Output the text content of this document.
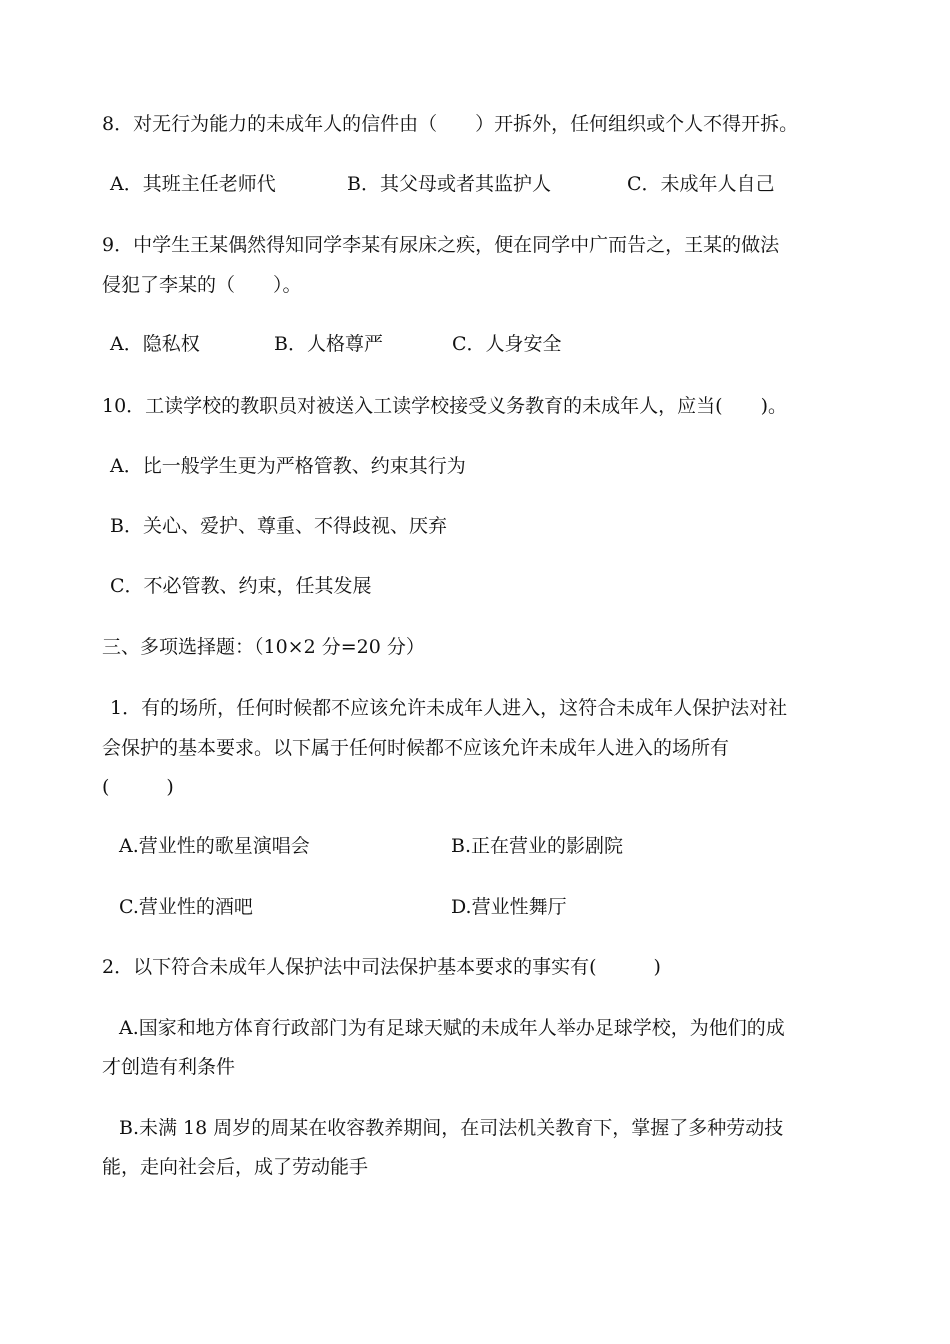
8．对无行为能力的未成年人的信件由（　　）开拆外，任何组织或个人不得开拆。
A．其班主任老师代	B．其父母或者其监护人	C．未成年人自己
9．中学生王某偶然得知同学李某有尿床之疾，便在同学中广而告之，王某的做法
侵犯了李某的（　　）。
A．隐私权	B．人格尊严	C．人身安全
10．工读学校的教职员对被送入工读学校接受义务教育的未成年人，应当(　　)。
A．比一般学生更为严格管教、约束其行为
B．关心、爱护、尊重、不得歧视、厌弃
C．不必管教、约束，任其发展
三、多项选择题：（10×2 分=20 分）
1．有的场所，任何时候都不应该允许未成年人进入，这符合未成年人保护法对社
会保护的基本要求。以下属于任何时候都不应该允许未成年人进入的场所有
(　　　)
A.营业性的歌星演唱会	B.正在营业的影剧院
C.营业性的酒吧	D.营业性舞厅
2．以下符合未成年人保护法中司法保护基本要求的事实有(　　　)
A.国家和地方体育行政部门为有足球天赋的未成年人举办足球学校，为他们的成
才创造有利条件
B.未满 18 周岁的周某在收容教养期间，在司法机关教育下，掌握了多种劳动技
能，走向社会后，成了劳动能手
